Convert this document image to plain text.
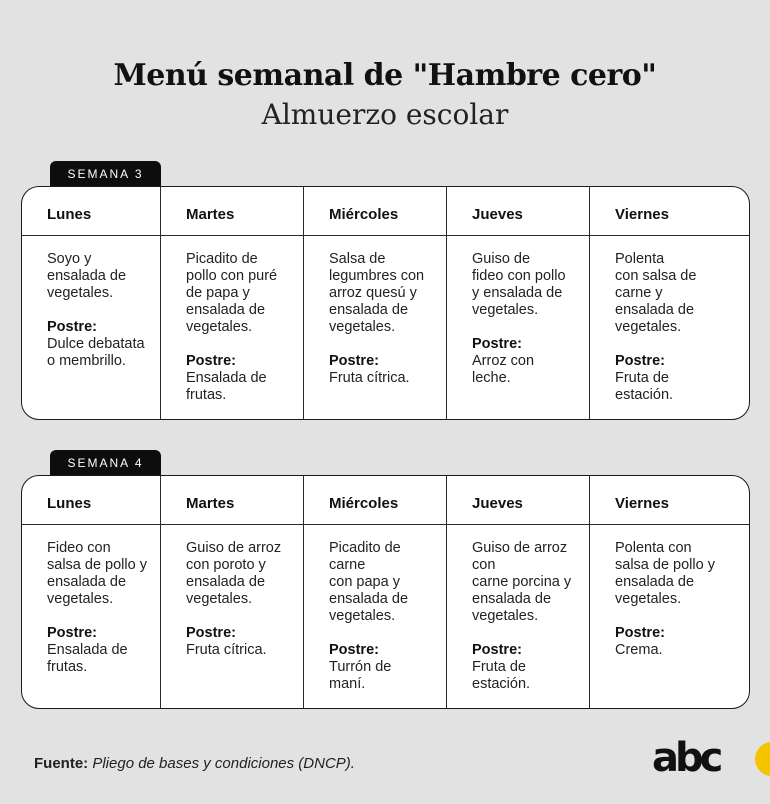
Menú semanal de "Hambre cero"
Almuerzo escolar
SEMANA 3
Lunes
Soyo y
ensalada de
vegetales.
Postre:
Dulce debatata
o membrillo.
Martes
Picadito de
pollo con puré
de papa y
ensalada de
vegetales.
Postre:
Ensalada de
frutas.
Miércoles
Salsa de
legumbres con
arroz quesú y
ensalada de
vegetales.
Postre:
Fruta cítrica.
Jueves
Guiso de
fideo con pollo
y ensalada de
vegetales.
Postre:
Arroz con
leche.
Viernes
Polenta
con salsa de
carne y
ensalada de
vegetales.
Postre:
Fruta de
estación.
SEMANA 4
Lunes
Fideo con
salsa de pollo y
ensalada de
vegetales.
Postre:
Ensalada de
frutas.
Martes
Guiso de arroz
con poroto y
ensalada de
vegetales.
Postre:
Fruta cítrica.
Miércoles
Picadito de
carne
con papa y
ensalada de
vegetales.
Postre:
Turrón de
maní.
Jueves
Guiso de arroz
con
carne porcina y
ensalada de
vegetales.
Postre:
Fruta de
estación.
Viernes
Polenta con
salsa de pollo y
ensalada de
vegetales.
Postre:
Crema.
Fuente: Pliego de bases y condiciones (DNCP).	abc
